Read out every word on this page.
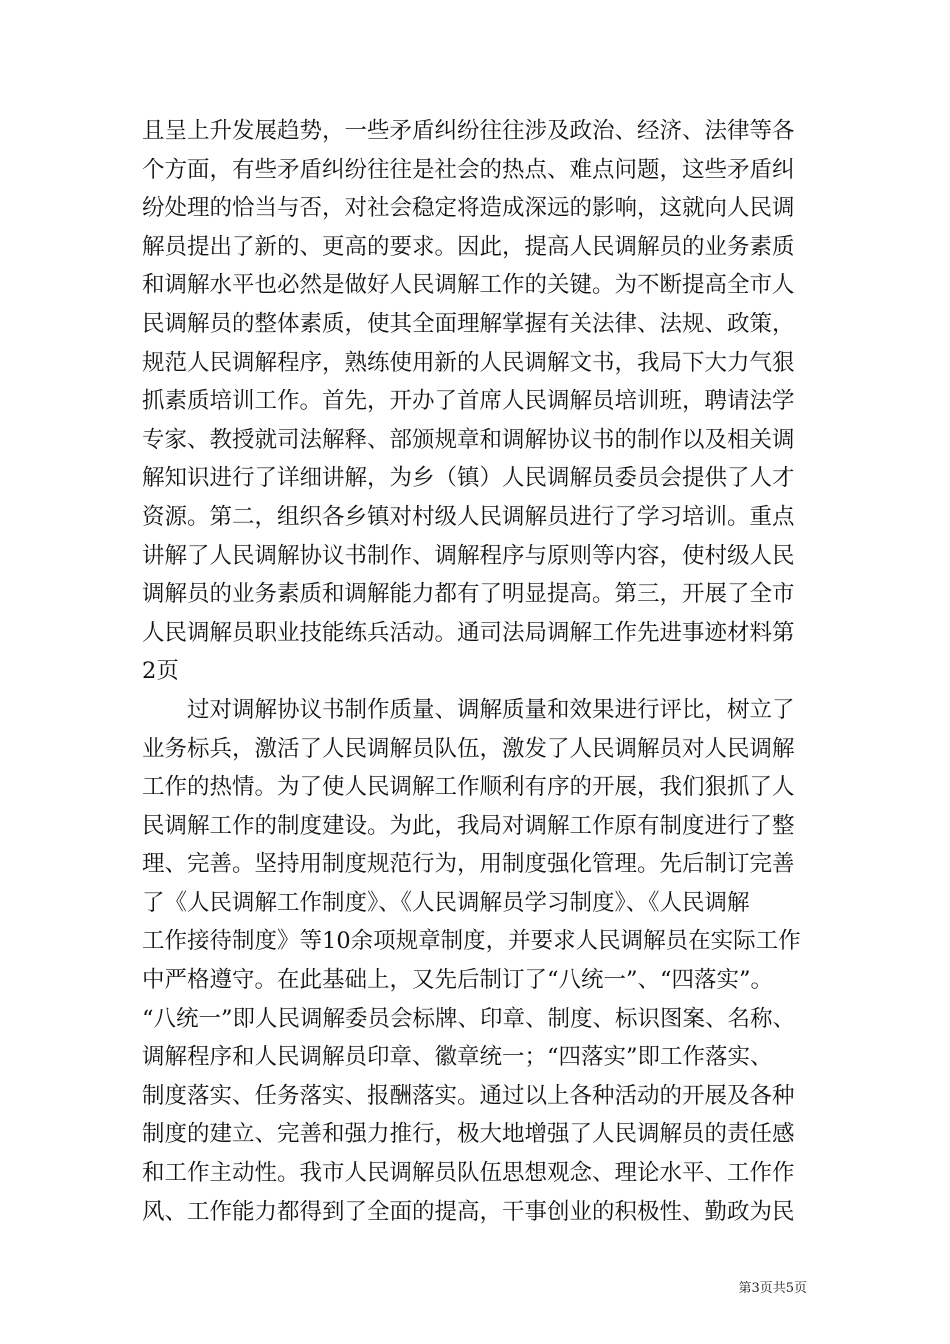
且呈上升发展趋势，一些矛盾纠纷往往涉及政治、经济、法律等各
个方面，有些矛盾纠纷往往是社会的热点、难点问题，这些矛盾纠
纷处理的恰当与否，对社会稳定将造成深远的影响，这就向人民调
解员提出了新的、更高的要求。因此，提高人民调解员的业务素质
和调解水平也必然是做好人民调解工作的关键。为不断提高全市人
民调解员的整体素质，使其全面理解掌握有关法律、法规、政策，
规范人民调解程序，熟练使用新的人民调解文书，我局下大力气狠
抓素质培训工作。首先，开办了首席人民调解员培训班，聘请法学
专家、教授就司法解释、部颁规章和调解协议书的制作以及相关调
解知识进行了详细讲解，为乡（镇）人民调解员委员会提供了人才
资源。第二，组织各乡镇对村级人民调解员进行了学习培训。重点
讲解了人民调解协议书制作、调解程序与原则等内容，使村级人民
调解员的业务素质和调解能力都有了明显提高。第三，开展了全市
人民调解员职业技能练兵活动。通司法局调解工作先进事迹材料第
2页
过对调解协议书制作质量、调解质量和效果进行评比，树立了
业务标兵，激活了人民调解员队伍，激发了人民调解员对人民调解
工作的热情。为了使人民调解工作顺利有序的开展，我们狠抓了人
民调解工作的制度建设。为此，我局对调解工作原有制度进行了整
理、完善。坚持用制度规范行为，用制度强化管理。先后制订完善
了《人民调解工作制度》、《人民调解员学习制度》、《人民调解
工作接待制度》等10余项规章制度，并要求人民调解员在实际工作
中严格遵守。在此基础上，又先后制订了“八统一”、“四落实”。
“八统一”即人民调解委员会标牌、印章、制度、标识图案、名称、
调解程序和人民调解员印章、徽章统一；“四落实”即工作落实、
制度落实、任务落实、报酬落实。通过以上各种活动的开展及各种
制度的建立、完善和强力推行，极大地增强了人民调解员的责任感
和工作主动性。我市人民调解员队伍思想观念、理论水平、工作作
风、工作能力都得到了全面的提高，干事创业的积极性、勤政为民
第3页共5页
